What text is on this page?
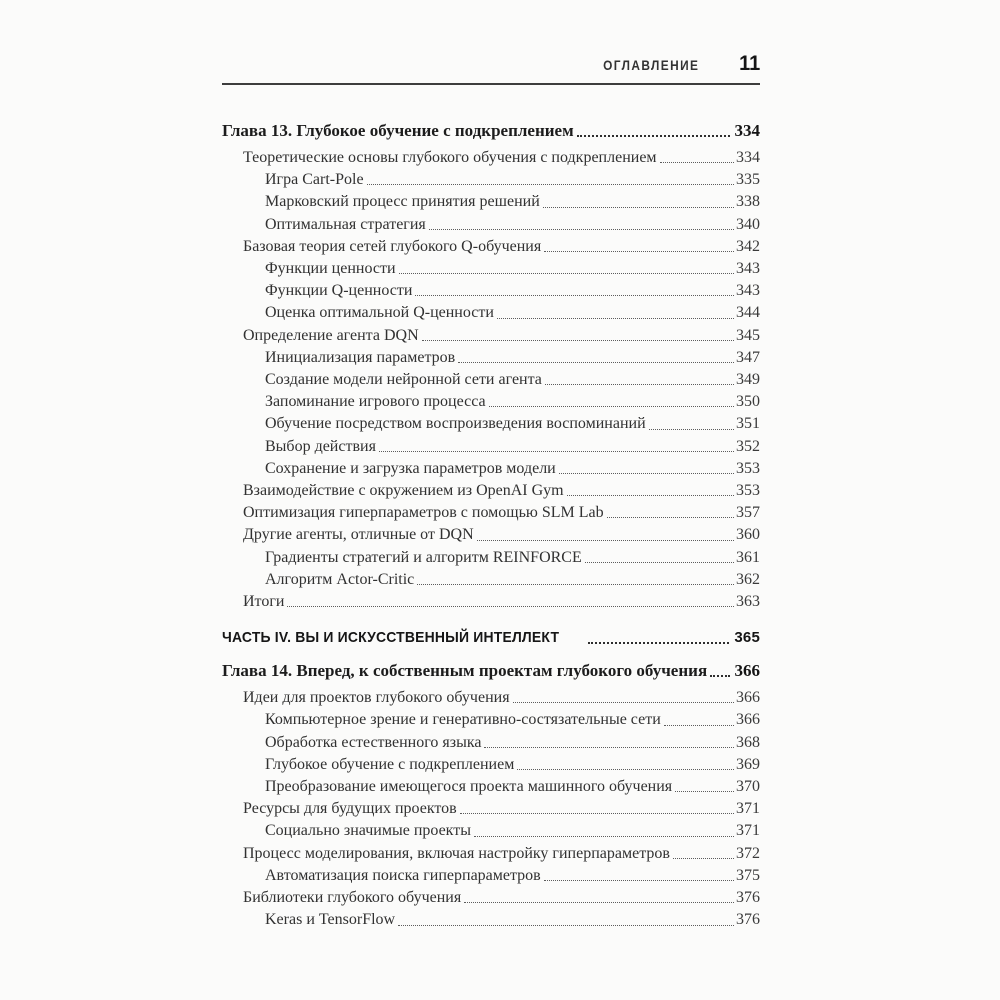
ОГЛАВЛЕНИЕ 11
Глава 13. Глубокое обучение с подкреплением	334
Теоретические основы глубокого обучения с подкреплением	334
Игра Cart-Pole	335
Марковский процесс принятия решений	338
Оптимальная стратегия	340
Базовая теория сетей глубокого Q-обучения	342
Функции ценности	343
Функции Q-ценности	343
Оценка оптимальной Q-ценности	344
Определение агента DQN	345
Инициализация параметров	347
Создание модели нейронной сети агента	349
Запоминание игрового процесса	350
Обучение посредством воспроизведения воспоминаний	351
Выбор действия	352
Сохранение и загрузка параметров модели	353
Взаимодействие с окружением из OpenAI Gym	353
Оптимизация гиперпараметров с помощью SLM Lab	357
Другие агенты, отличные от DQN	360
Градиенты стратегий и алгоритм REINFORCE	361
Алгоритм Actor-Critic	362
Итоги	363
ЧАСТЬ IV. ВЫ И ИСКУССТВЕННЫЙ ИНТЕЛЛЕКТ	365
Глава 14. Вперед, к собственным проектам глубокого обучения 366
Идеи для проектов глубокого обучения	366
Компьютерное зрение и генеративно-состязательные сети	366
Обработка естественного языка	368
Глубокое обучение с подкреплением	369
Преобразование имеющегося проекта машинного обучения	370
Ресурсы для будущих проектов	371
Социально значимые проекты	371
Процесс моделирования, включая настройку гиперпараметров	372
Автоматизация поиска гиперпараметров	375
Библиотеки глубокого обучения	376
Keras и TensorFlow	376
